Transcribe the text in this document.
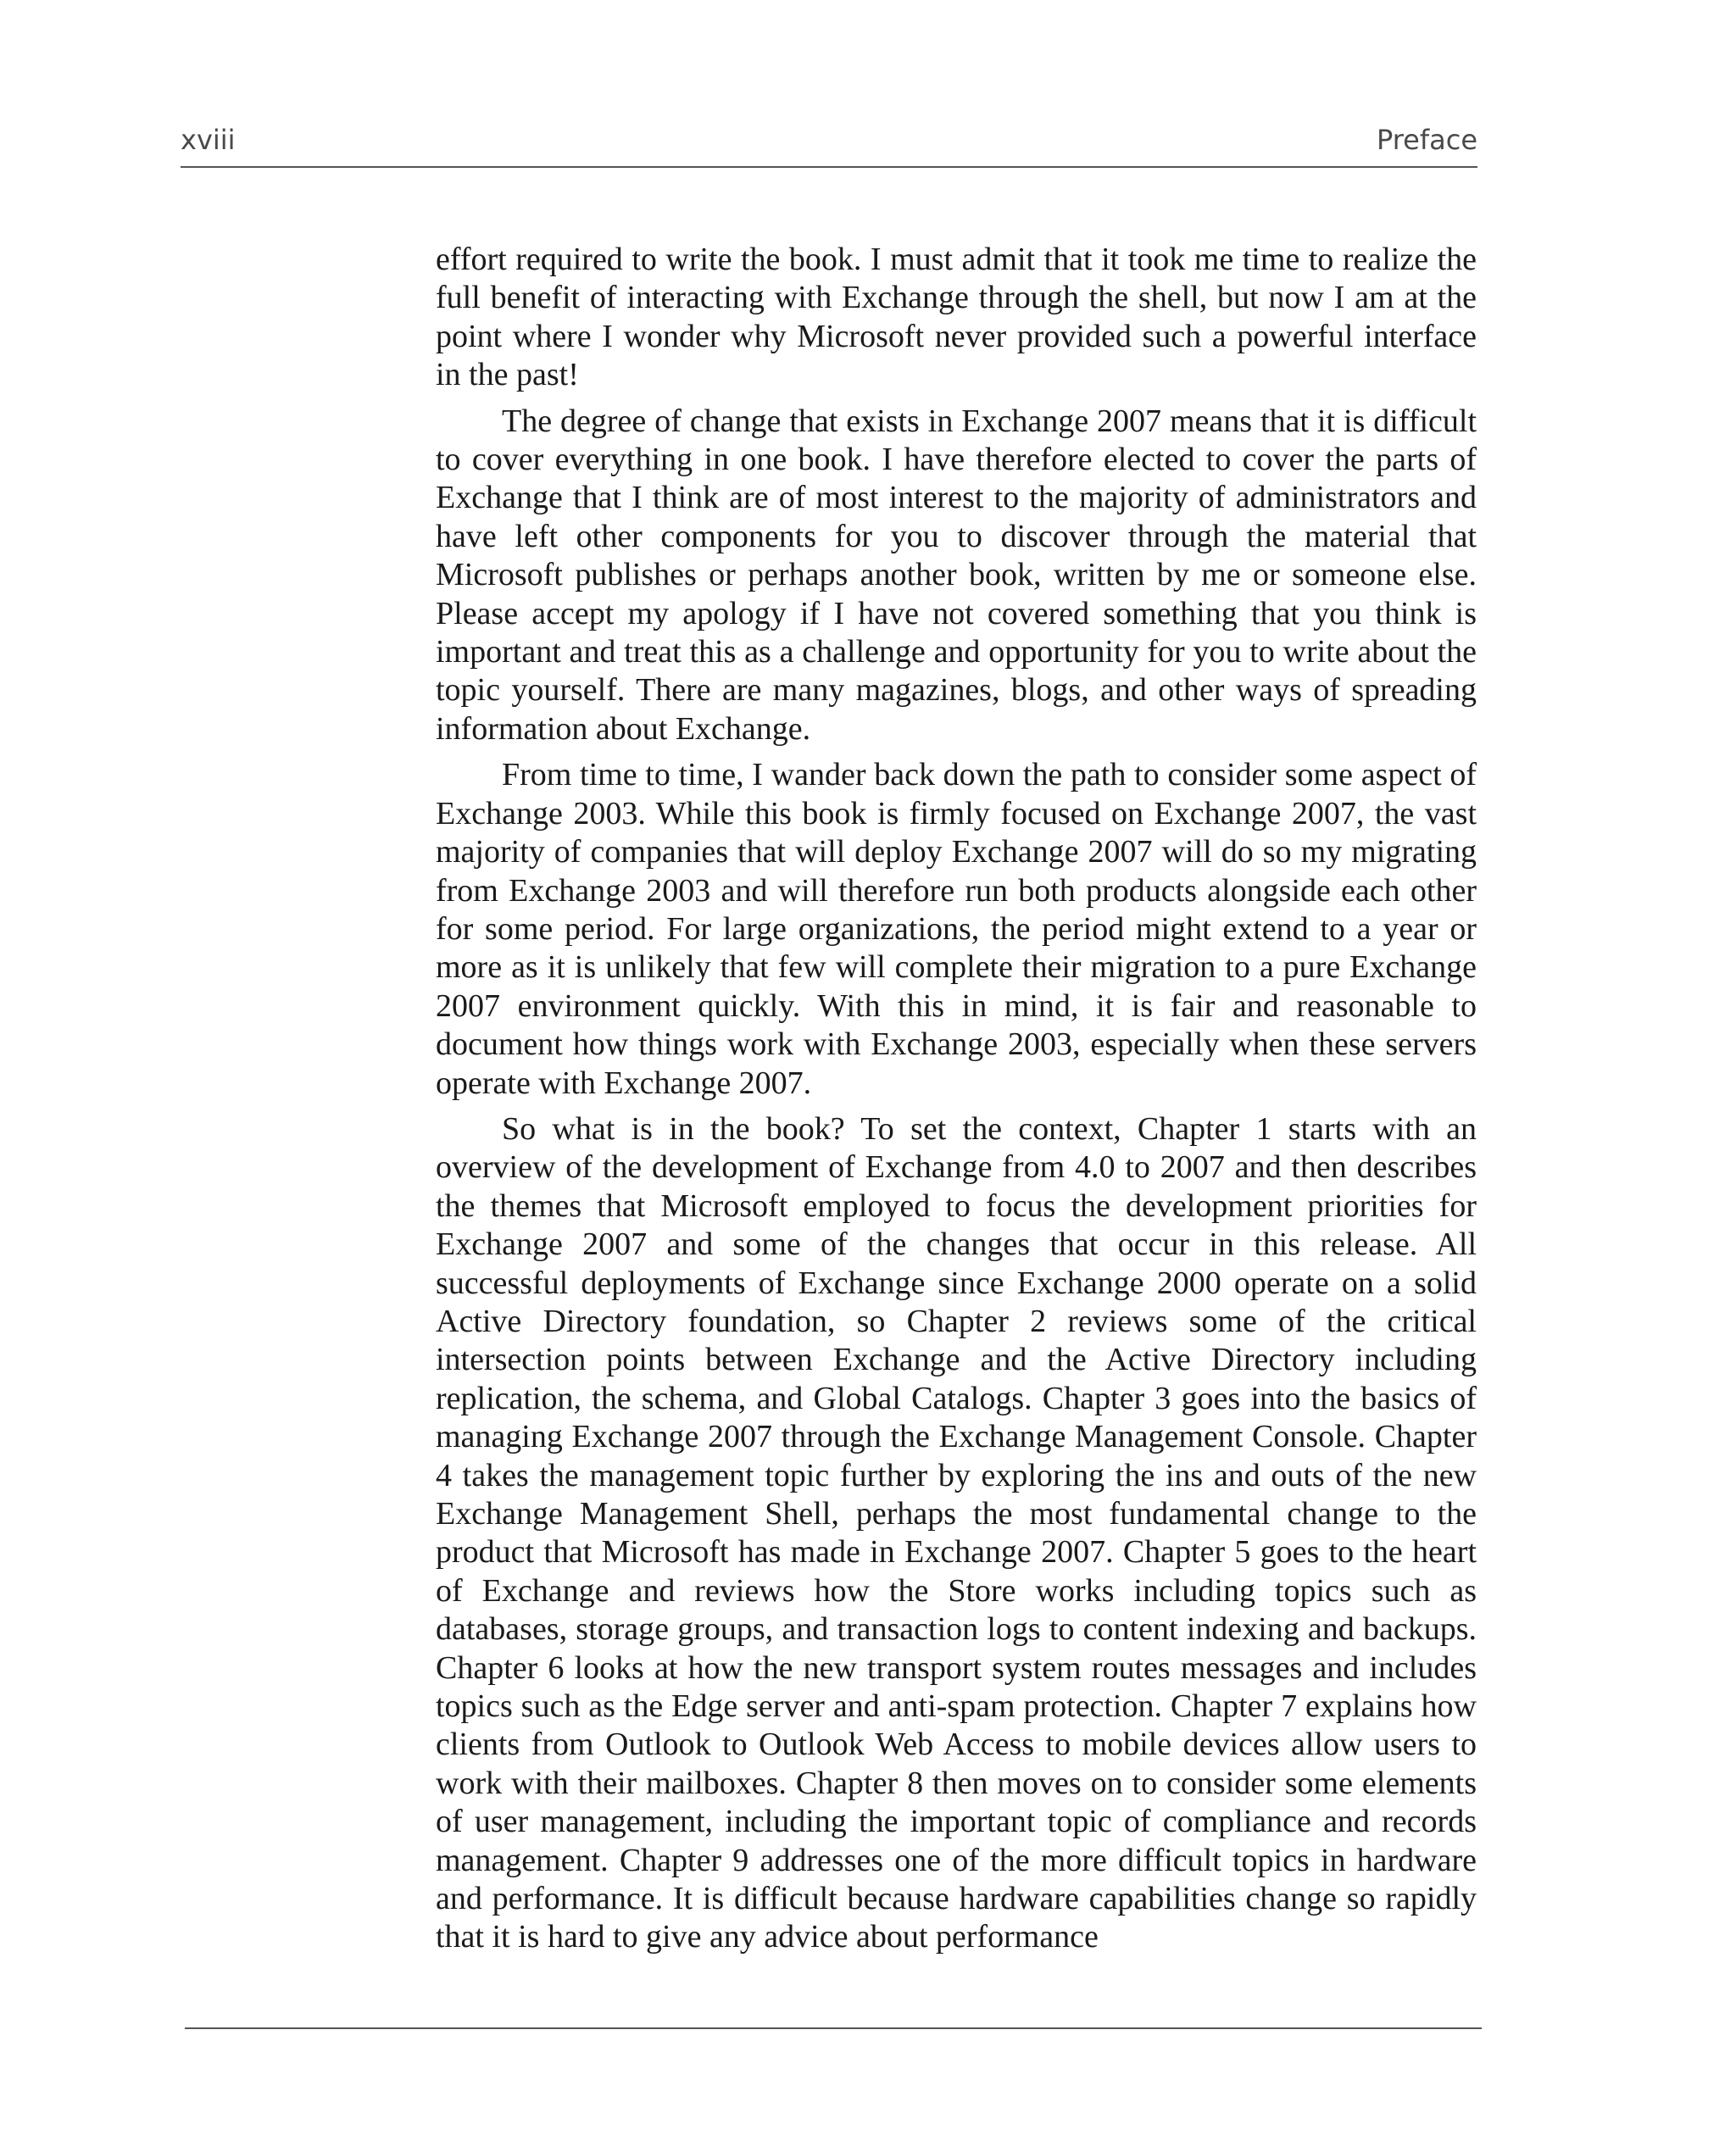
xviii	Preface

effort required to write the book. I must admit that it took me time to realize the full benefit of interacting with Exchange through the shell, but now I am at the point where I wonder why Microsoft never provided such a powerful interface in the past!

The degree of change that exists in Exchange 2007 means that it is difficult to cover everything in one book. I have therefore elected to cover the parts of Exchange that I think are of most interest to the majority of administrators and have left other components for you to discover through the material that Microsoft publishes or perhaps another book, written by me or someone else. Please accept my apology if I have not covered something that you think is important and treat this as a challenge and opportunity for you to write about the topic yourself. There are many magazines, blogs, and other ways of spreading information about Exchange.

From time to time, I wander back down the path to consider some aspect of Exchange 2003. While this book is firmly focused on Exchange 2007, the vast majority of companies that will deploy Exchange 2007 will do so my migrating from Exchange 2003 and will therefore run both products alongside each other for some period. For large organizations, the period might extend to a year or more as it is unlikely that few will complete their migration to a pure Exchange 2007 environment quickly. With this in mind, it is fair and reasonable to document how things work with Exchange 2003, especially when these servers operate with Exchange 2007.

So what is in the book? To set the context, Chapter 1 starts with an overview of the development of Exchange from 4.0 to 2007 and then describes the themes that Microsoft employed to focus the development priorities for Exchange 2007 and some of the changes that occur in this release. All successful deployments of Exchange since Exchange 2000 operate on a solid Active Directory foundation, so Chapter 2 reviews some of the critical intersection points between Exchange and the Active Directory including replication, the schema, and Global Catalogs. Chapter 3 goes into the basics of managing Exchange 2007 through the Exchange Management Console. Chapter 4 takes the management topic further by exploring the ins and outs of the new Exchange Management Shell, perhaps the most fundamental change to the product that Microsoft has made in Exchange 2007. Chapter 5 goes to the heart of Exchange and reviews how the Store works including topics such as databases, storage groups, and transaction logs to content indexing and backups. Chapter 6 looks at how the new transport system routes messages and includes topics such as the Edge server and anti-spam protection. Chapter 7 explains how clients from Outlook to Outlook Web Access to mobile devices allow users to work with their mailboxes. Chapter 8 then moves on to consider some elements of user management, including the important topic of compliance and records management. Chapter 9 addresses one of the more difficult topics in hardware and performance. It is difficult because hardware capabilities change so rapidly that it is hard to give any advice about performance
